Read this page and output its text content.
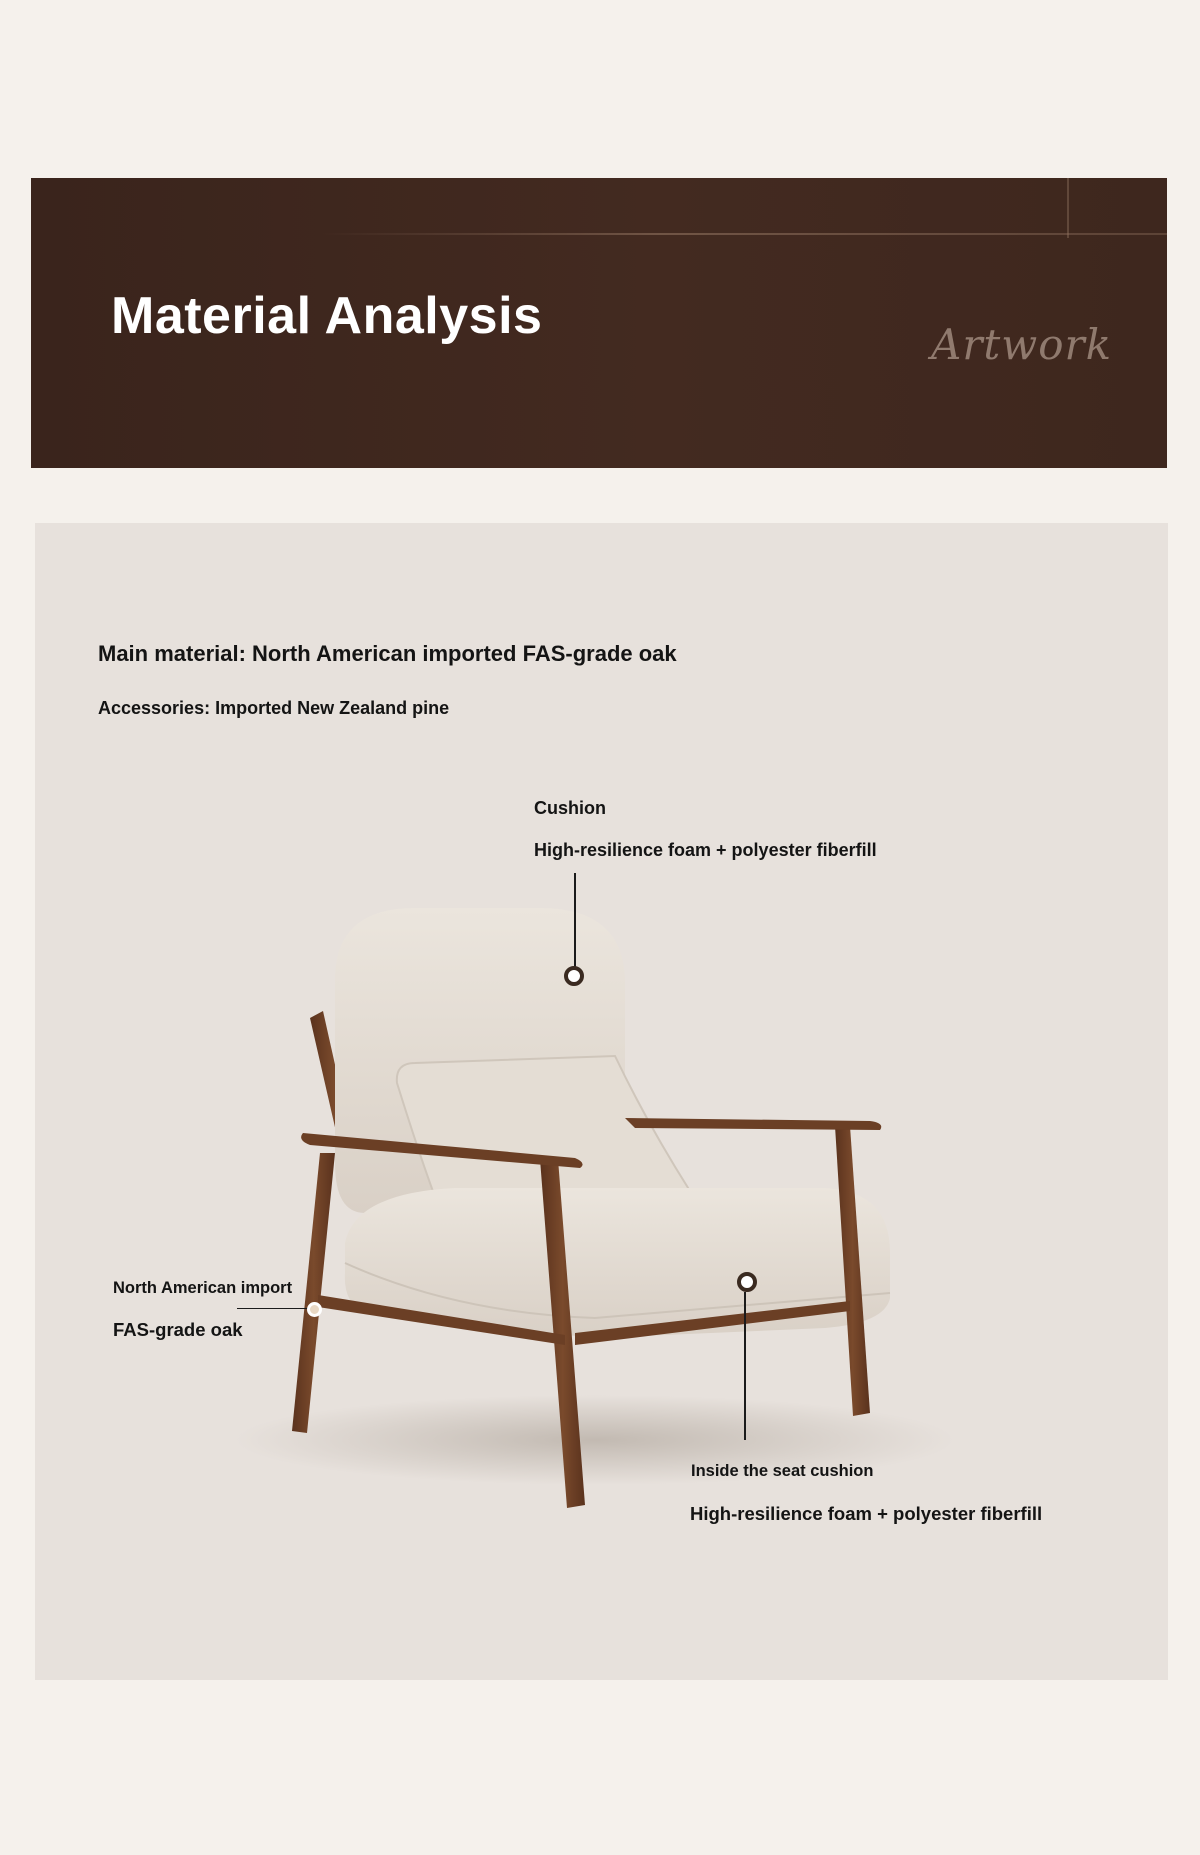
Material Analysis	Artwork
Main material: North American imported FAS-grade oak
Accessories: Imported New Zealand pine
Cushion
High-resilience foam + polyester fiberfill
North American import
FAS-grade oak
Inside the seat cushion
High-resilience foam + polyester fiberfill
